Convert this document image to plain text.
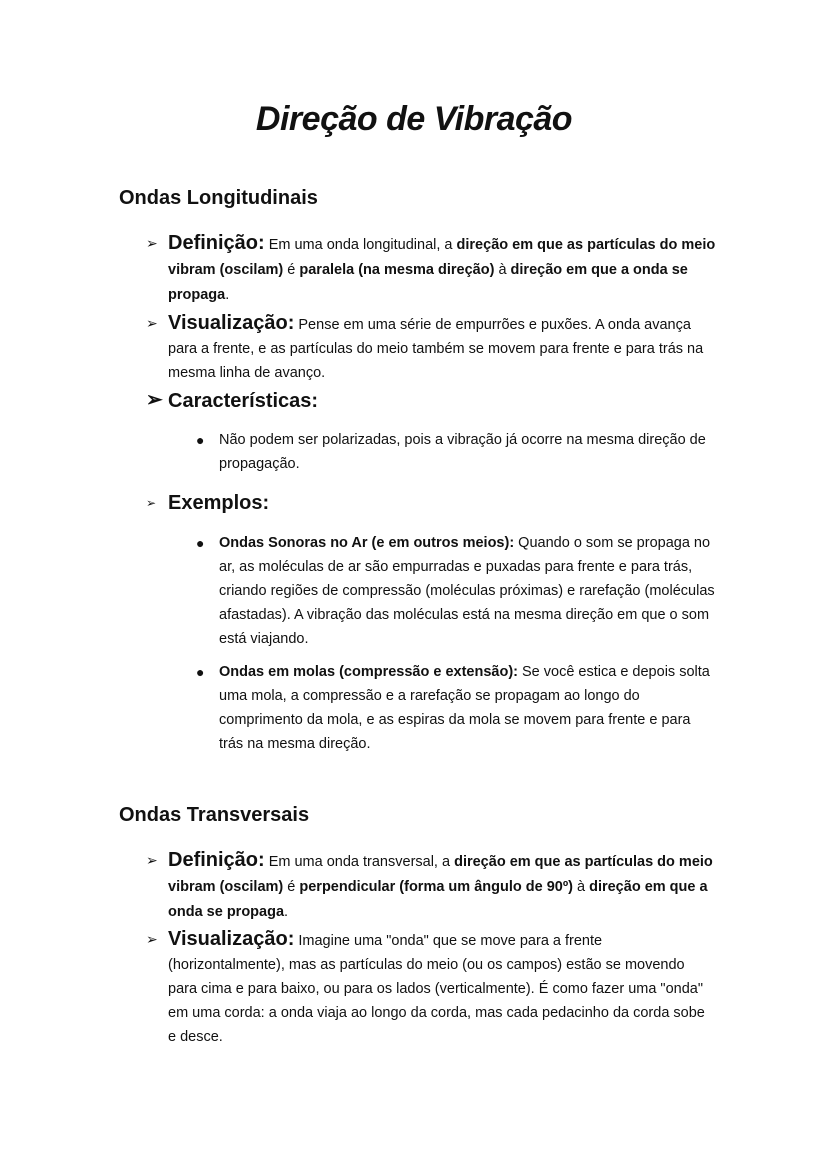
Direção de Vibração
Ondas Longitudinais
➢ Definição: Em uma onda longitudinal, a direção em que as partículas do meio vibram (oscilam) é paralela (na mesma direção) à direção em que a onda se propaga.
➢ Visualização: Pense em uma série de empurrões e puxões. A onda avança para a frente, e as partículas do meio também se movem para frente e para trás na mesma linha de avanço.
➢ Características:
● Não podem ser polarizadas, pois a vibração já ocorre na mesma direção de propagação.
➢ Exemplos:
● Ondas Sonoras no Ar (e em outros meios): Quando o som se propaga no ar, as moléculas de ar são empurradas e puxadas para frente e para trás, criando regiões de compressão (moléculas próximas) e rarefação (moléculas afastadas). A vibração das moléculas está na mesma direção em que o som está viajando.
● Ondas em molas (compressão e extensão): Se você estica e depois solta uma mola, a compressão e a rarefação se propagam ao longo do comprimento da mola, e as espiras da mola se movem para frente e para trás na mesma direção.
Ondas Transversais
➢ Definição: Em uma onda transversal, a direção em que as partículas do meio vibram (oscilam) é perpendicular (forma um ângulo de 90º) à direção em que a onda se propaga.
➢ Visualização: Imagine uma "onda" que se move para a frente (horizontalmente), mas as partículas do meio (ou os campos) estão se movendo para cima e para baixo, ou para os lados (verticalmente). É como fazer uma "onda" em uma corda: a onda viaja ao longo da corda, mas cada pedacinho da corda sobe e desce.
